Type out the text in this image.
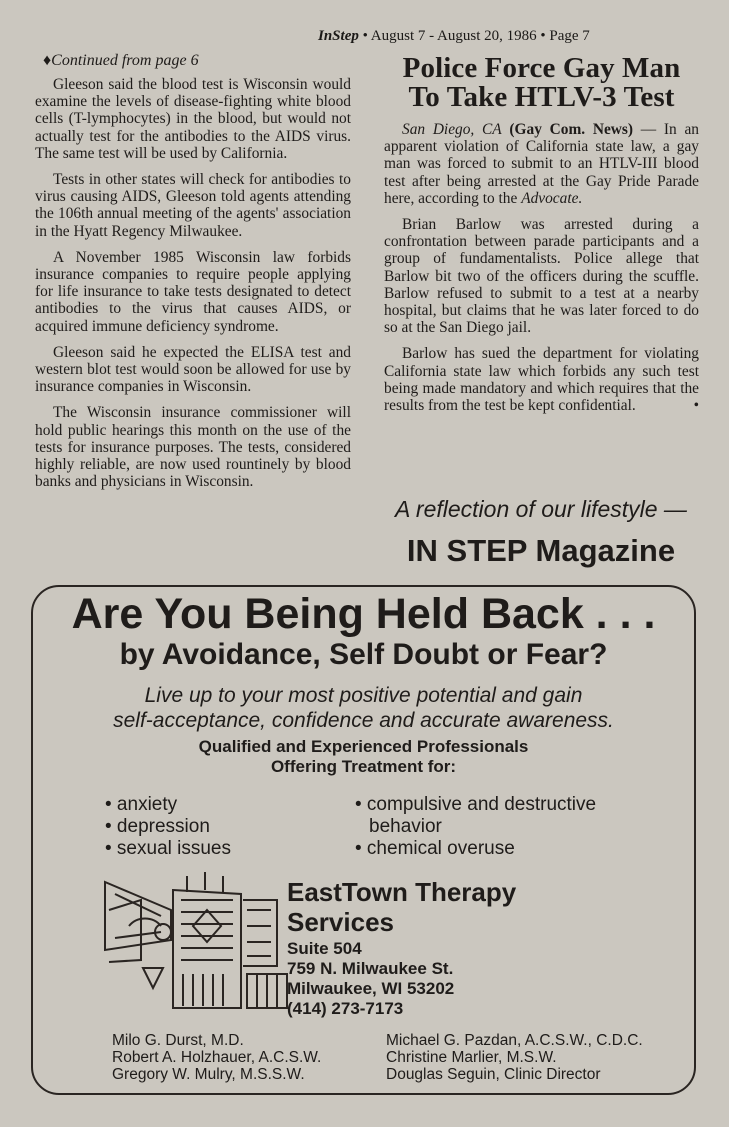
InStep • August 7 - August 20, 1986 • Page 7
♦Continued from page 6

Gleeson said the blood test is Wisconsin would examine the levels of disease-fighting white blood cells (T-lymphocytes) in the blood, but would not actually test for the antibodies to the AIDS virus. The same test will be used by California.

Tests in other states will check for antibodies to virus causing AIDS, Gleeson told agents attending the 106th annual meeting of the agents' association in the Hyatt Regency Milwaukee.

A November 1985 Wisconsin law forbids insurance companies to require people applying for life insurance to take tests designated to detect antibodies to the virus that causes AIDS, or acquired immune deficiency syndrome.

Gleeson said he expected the ELISA test and western blot test would soon be allowed for use by insurance companies in Wisconsin.

The Wisconsin insurance commissioner will hold public hearings this month on the use of the tests for insurance purposes. The tests, considered highly reliable, are now used rountinely by blood banks and physicians in Wisconsin.

Police Force Gay Man To Take HTLV-3 Test

San Diego, CA (Gay Com. News) — In an apparent violation of California state law, a gay man was forced to submit to an HTLV-III blood test after being arrested at the Gay Pride Parade here, according to the Advocate.

Brian Barlow was arrested during a confrontation between parade participants and a group of fundamentalists. Police allege that Barlow bit two of the officers during the scuffle. Barlow refused to submit to a test at a nearby hospital, but claims that he was later forced to do so at the San Diego jail.

Barlow has sued the department for violating California state law which forbids any such test being made mandatory and which requires that the results from the test be kept confidential.	•

A reflection of our lifestyle —
IN STEP Magazine
Are You Being Held Back . . .
by Avoidance, Self Doubt or Fear?
Live up to your most positive potential and gain
self-acceptance, confidence and accurate awareness.
Qualified and Experienced Professionals
Offering Treatment for:
• anxiety
• depression
• sexual issues
• compulsive and destructive
behavior
• chemical overuse
EastTown Therapy
Services
Suite 504
759 N. Milwaukee St.
Milwaukee, WI 53202
(414) 273-7173
Milo G. Durst, M.D.
Robert A. Holzhauer, A.C.S.W.
Gregory W. Mulry, M.S.S.W.
Michael G. Pazdan, A.C.S.W., C.D.C.
Christine Marlier, M.S.W.
Douglas Seguin, Clinic Director
